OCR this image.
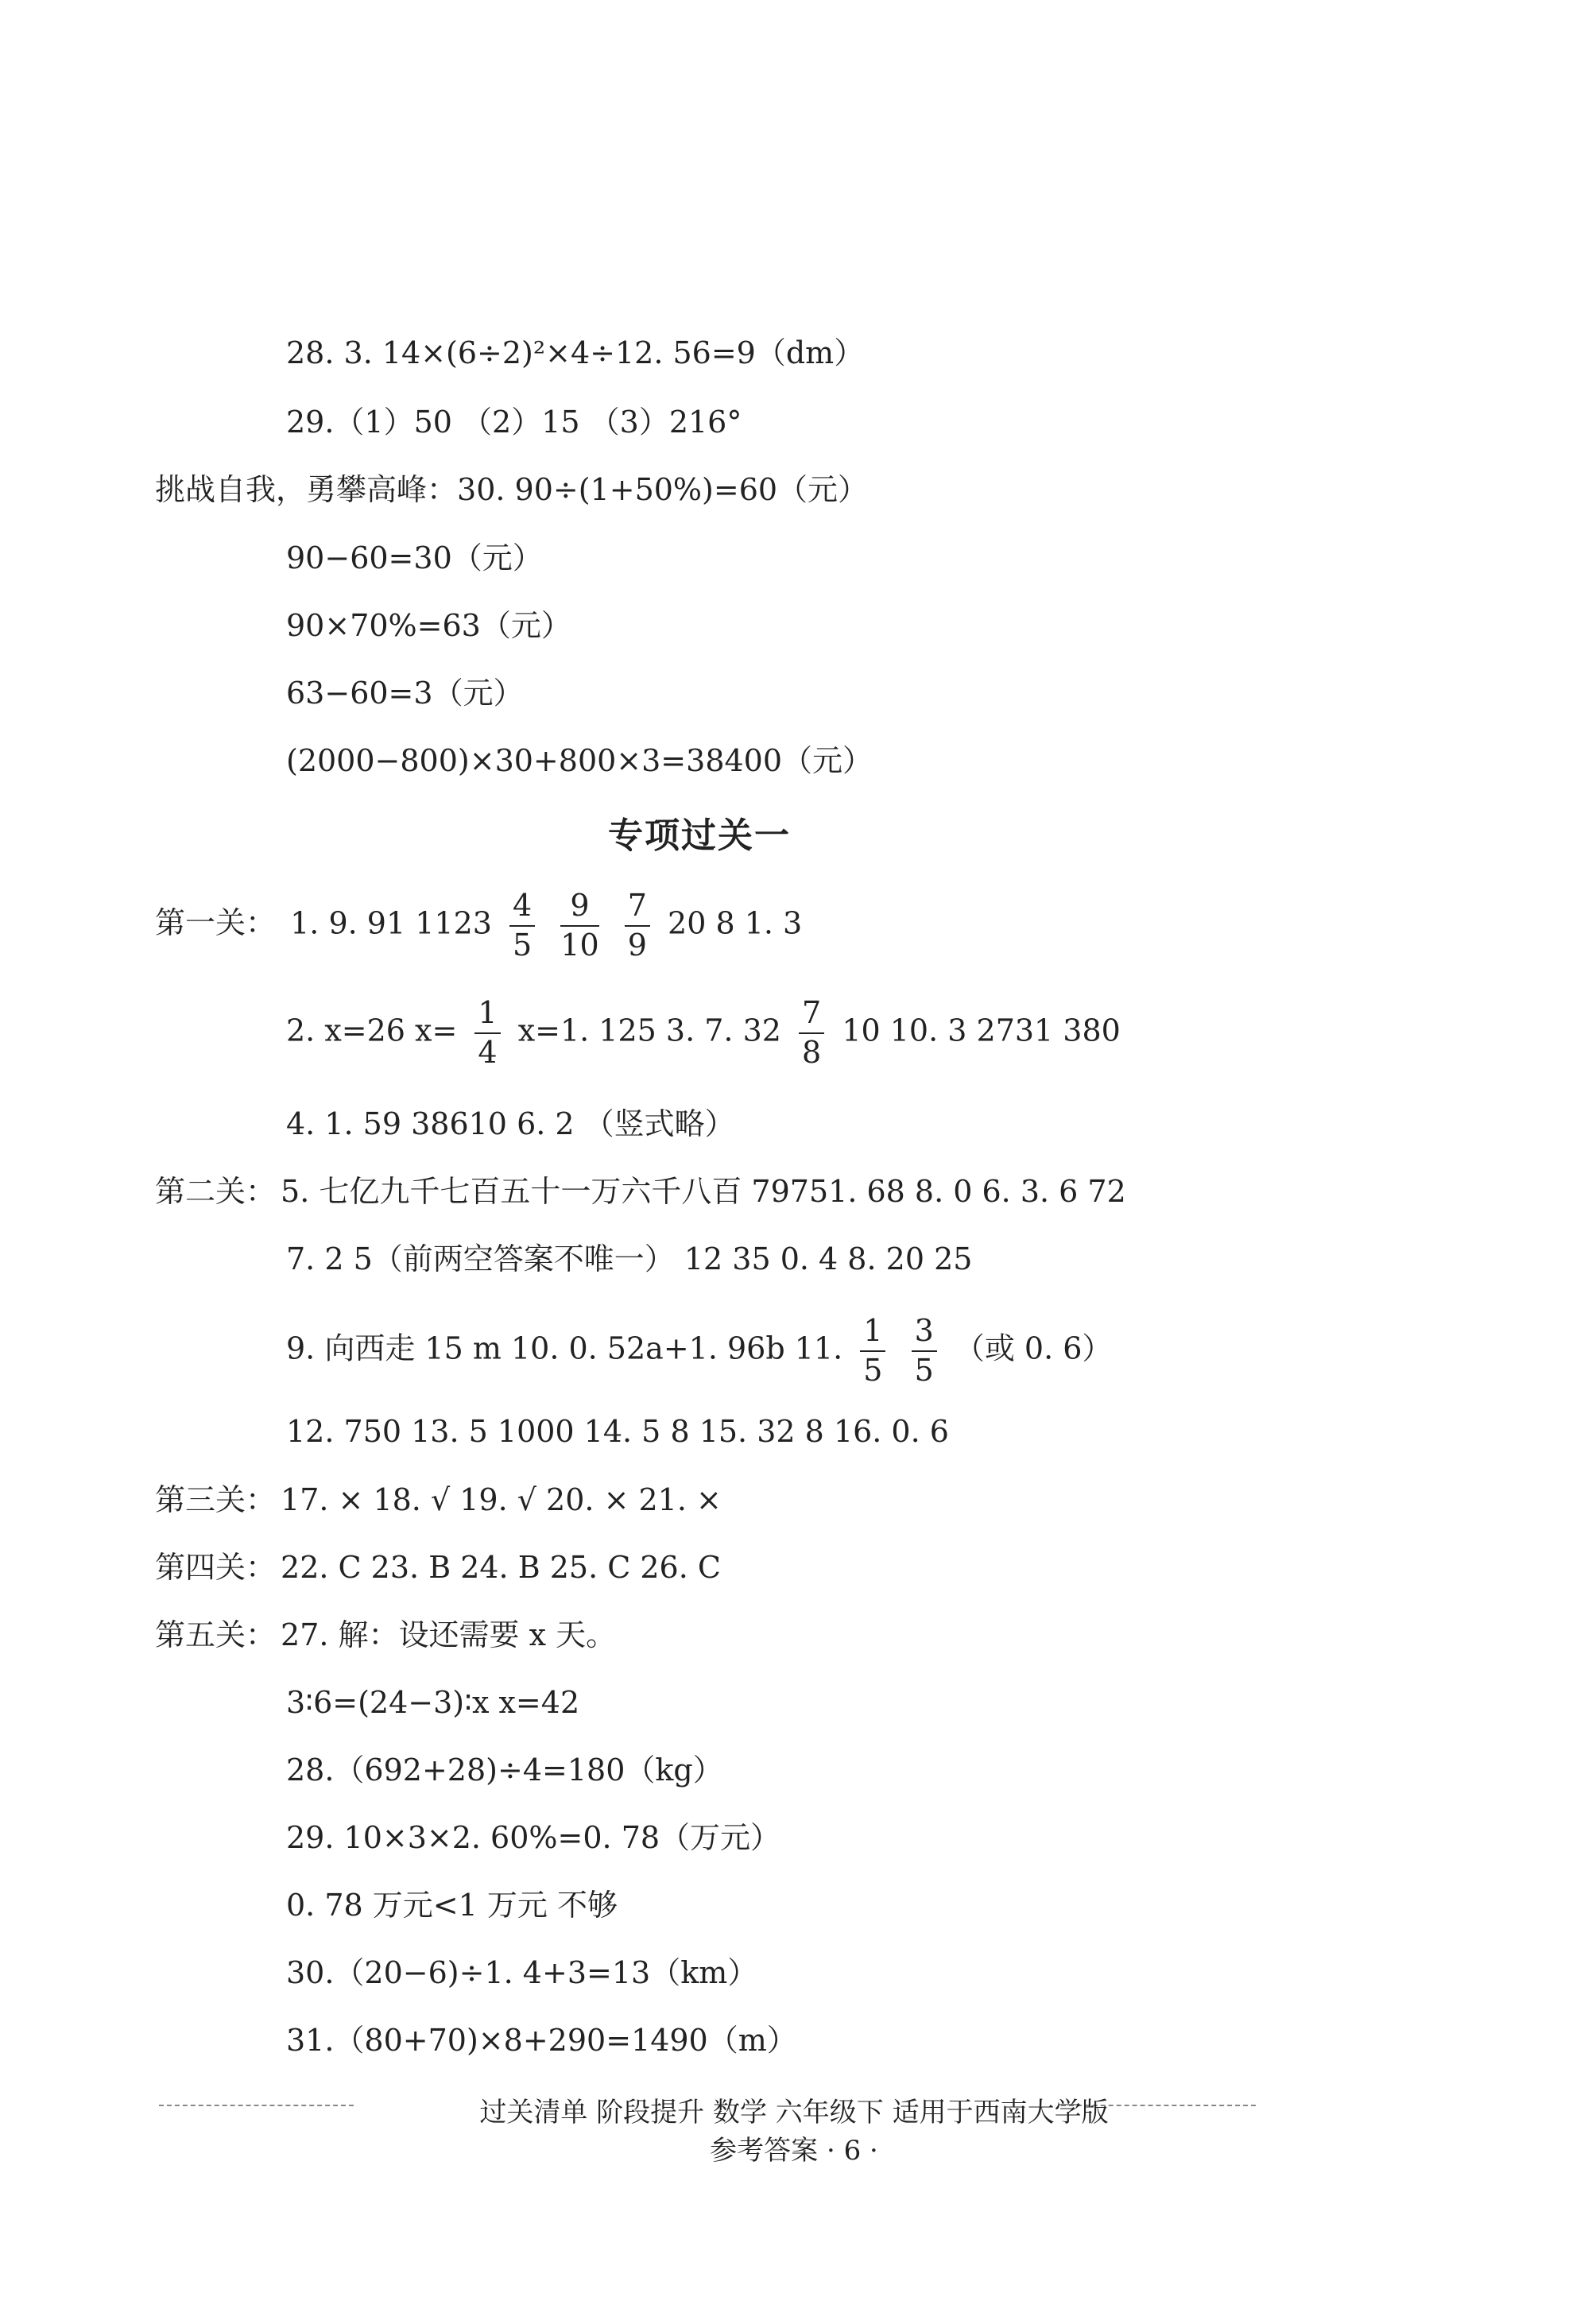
28. 3. 14×(6÷2)²×4÷12. 56=9（dm）
29.（1）50 （2）15 （3）216°
挑战自我，勇攀高峰：30. 90÷(1+50%)=60（元）
90−60=30（元）
90×70%=63（元）
63−60=3（元）
(2000−800)×30+800×3=38400（元）
专项过关一
第一关： 1. 9. 91 $1123 \frac{4}{5}$
$\frac{9}{10}$
$\frac{7}{9} 20$ 8 1. 3
2. x=26 $x= \frac{1}{4} x=1$. 125 3. 7. $32 \frac{7}{8} 10$ 10. 3 2731 380
4. 1. 59 38610 6. 2 （竖式略）
第二关： 5. 七亿九千七百五十一万六千八百 79751. 68 8. 0 6. 3. 6 72
7. 2 5（前两空答案不唯一） 12 35 0. 4 8. 20 25
9. 向西走 15 m 10. 0. 52a+1. 96b 11. $\frac{1}{5}$
$\frac{3}{5}$ （或 0. 6）
12. 750 13. 5 1000 14. 5 8 15. 32 8 16. 0. 6
第三关： 17. × 18. √ 19. √ 20. × 21. ×
第四关： 22. C 23. B 24. B 25. C 26. C
第五关： 27. 解：设还需要 x 天。
3∶6=(24−3)∶x x=42
28.（692+28)÷4=180（kg）
29. 10×3×2. 60%=0. 78（万元）
0. 78 万元<1 万元 不够
30.（20−6)÷1. 4+3=13（km）
31.（80+70)×8+290=1490（m）
过关清单 阶段提升 数学 六年级下 适用于西南大学版
参考答案 · 6 ·
